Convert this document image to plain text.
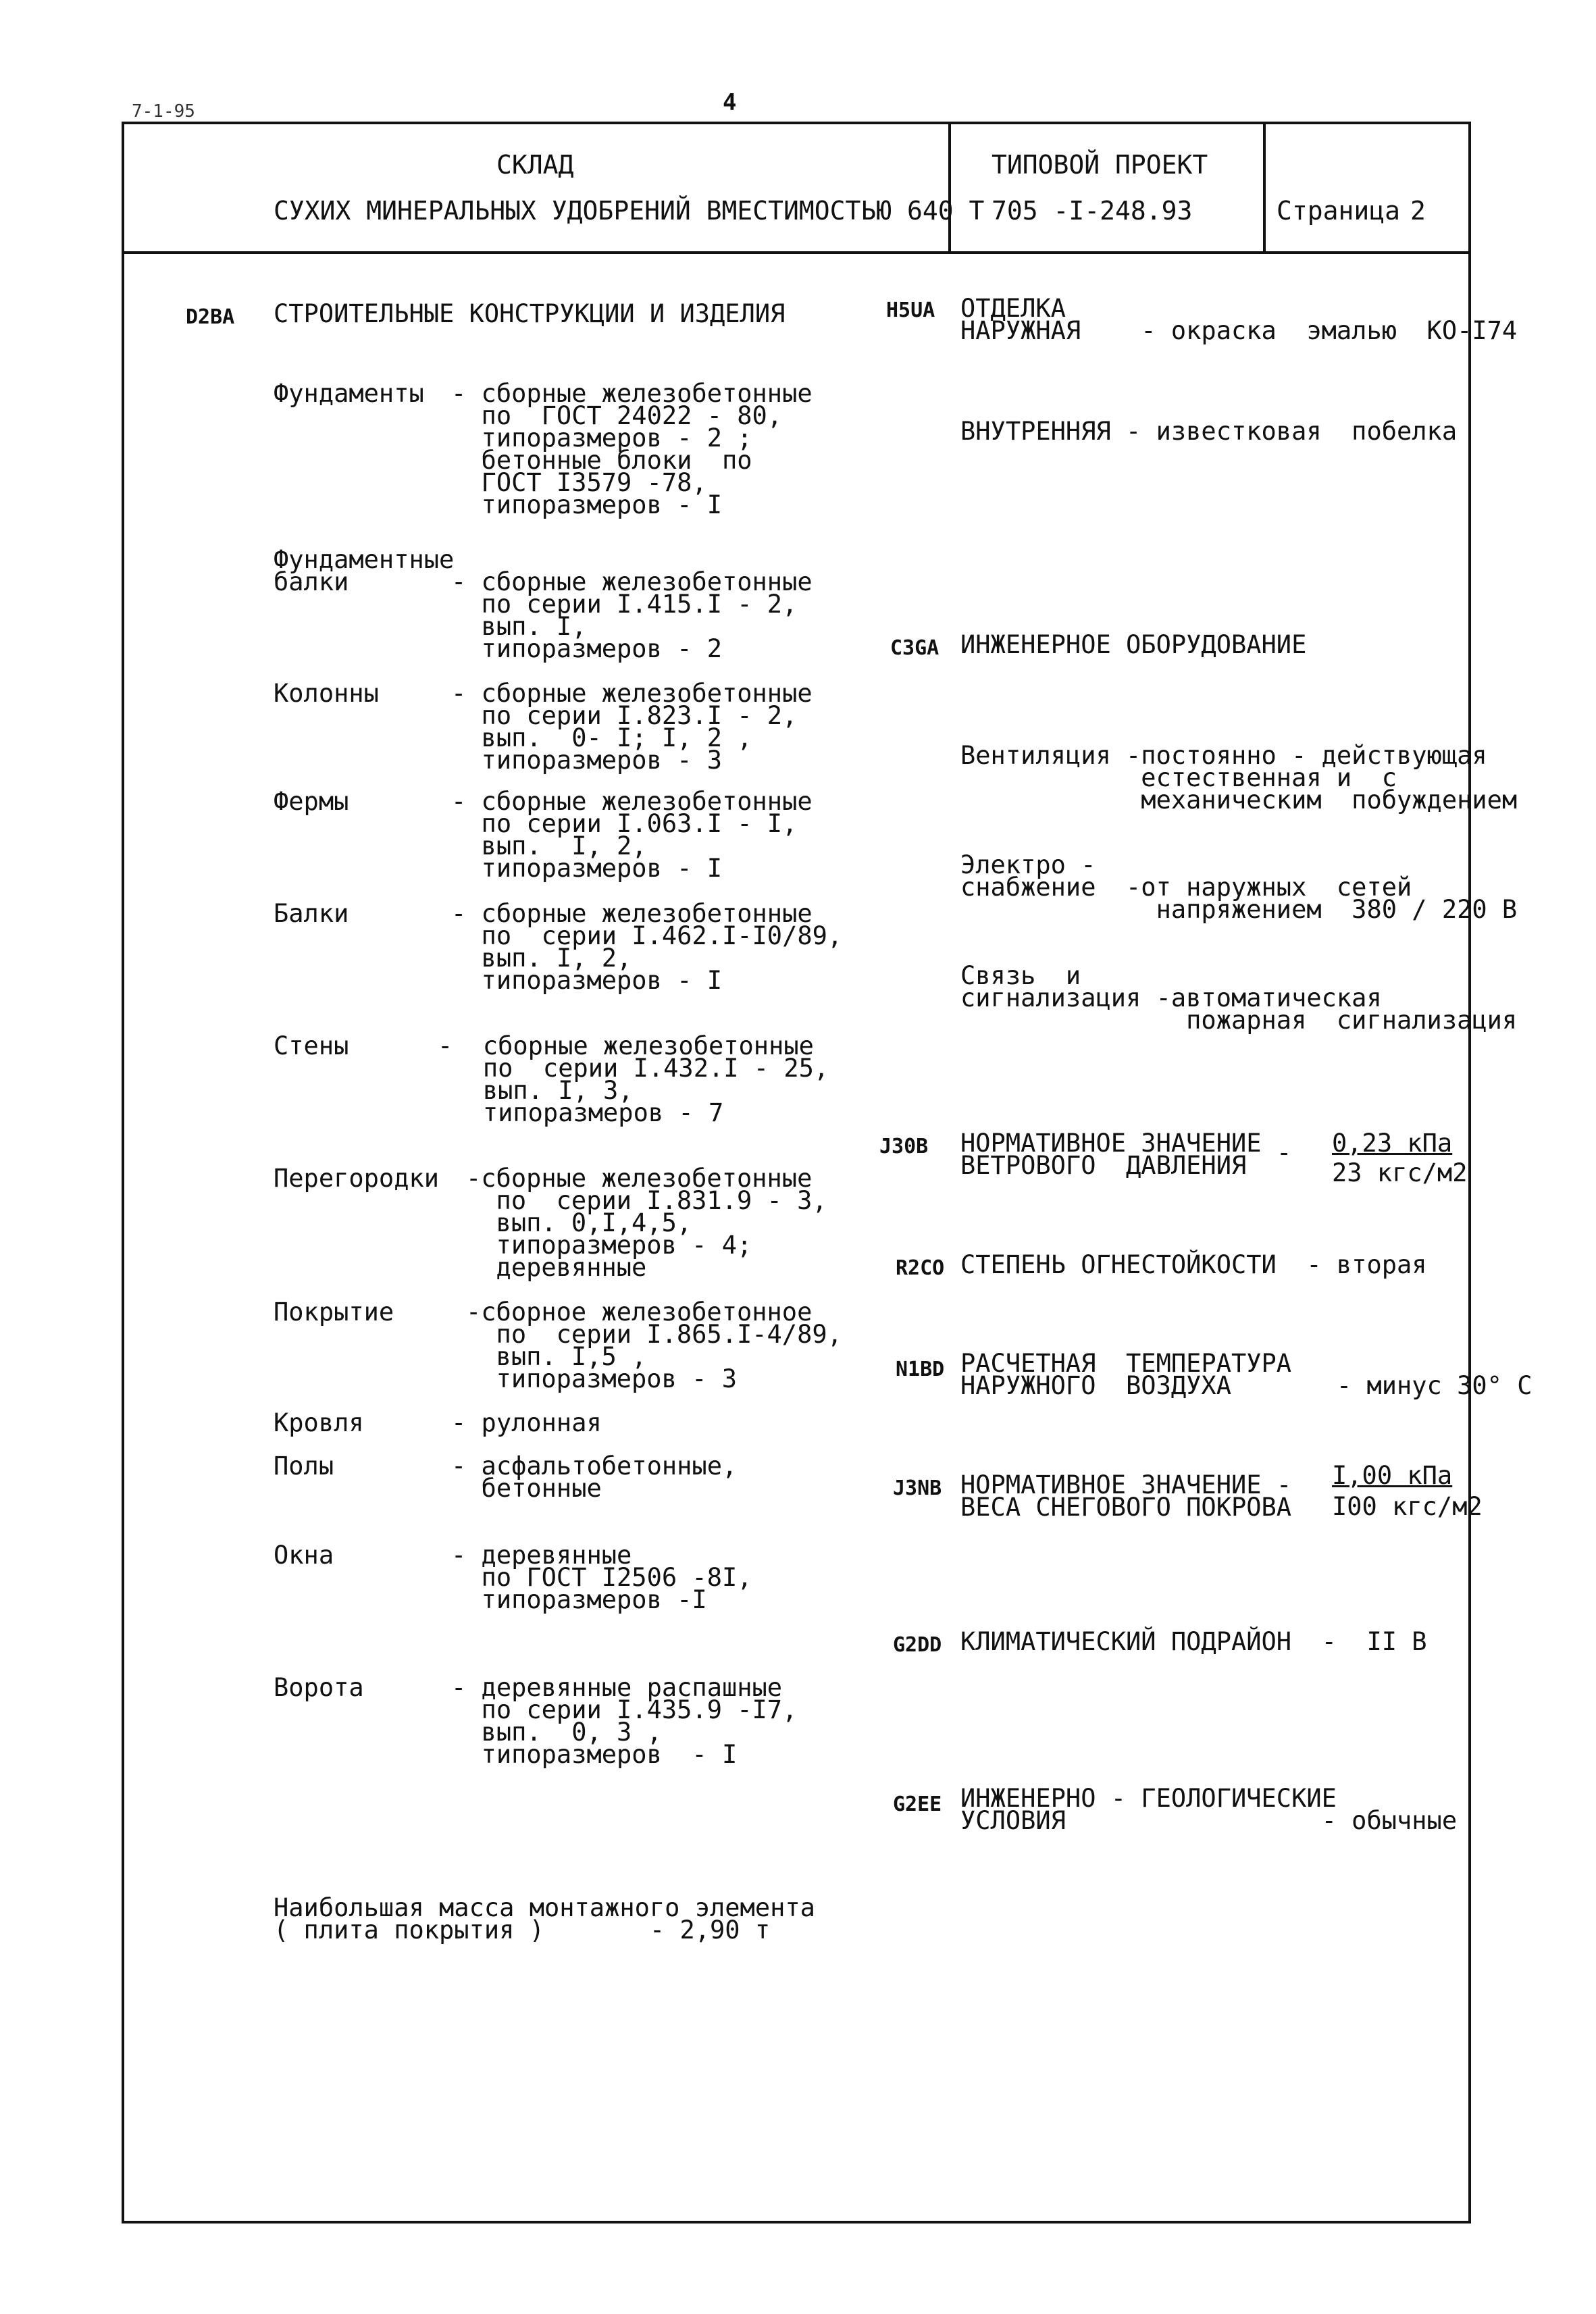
7-1-95	4
СКЛАД
СУХИХ МИНЕРАЛЬНЫХ УДОБРЕНИЙ ВМЕСТИМОСТЬЮ 640 Т
ТИПОВОЙ ПРОЕКТ
705 -I-248.93	Страница 2
D2BA СТРОИТЕЛЬНЫЕ КОНСТРУКЦИИ И ИЗДЕЛИЯ
Фундаменты - сборные железобетонные
по  ГОСТ 24022 - 80,
типоразмеров - 2 ;
бетонные блоки  по
ГОСТ I3579 -78,
типоразмеров - I
Фундаментные
балки	
- сборные железобетонные
по серии I.415.I - 2,
вып. I,
типоразмеров - 2
Колонны	- сборные железобетонные
по серии I.823.I - 2,
вып.  0- I; I, 2 ,
типоразмеров - 3
Фермы	- сборные железобетонные
по серии I.063.I - I,
вып.  I, 2,
типоразмеров - I
Балки	- сборные железобетонные
по  серии I.462.I-I0/89,
вып. I, 2,
типоразмеров - I
Стены	-  сборные железобетонные
по  серии I.432.I - 25,
вып. I, 3,
типоразмеров - 7
Перегородки -сборные железобетонные
по  серии I.831.9 - 3,
вып. 0,I,4,5,
типоразмеров - 4;
деревянные
Покрытие	-сборное железобетонное
по  серии I.865.I-4/89,
вып. I,5 ,
типоразмеров - 3
Кровля	- рулонная
Полы	- асфальтобетонные,
бетонные
Окна	- деревянные
по ГОСТ I2506 -8I,
типоразмеров -I
Ворота	- деревянные распашные
по серии I.435.9 -I7,
вып.  0, 3 ,
типоразмеров  - I
Наибольшая масса монтажного элемента
( плита покрытия )       - 2,90 т
H5UA ОТДЕЛКА
НАРУЖНАЯ    - окраска  эмалью  КО-I74
ВНУТРЕННЯЯ - известковая  побелка
C3GA ИНЖЕНЕРНОЕ ОБОРУДОВАНИЕ
Вентиляция -постоянно - действующая
естественная и  с
механическим  побуждением
Электро -
снабжение  -от наружных  сетей
напряжением  380 / 220 В
Связь  и
сигнализация -автоматическая
пожарная  сигнализация
J30B НОРМАТИВНОЕ ЗНАЧЕНИЕ
ВЕТРОВОГО  ДАВЛЕНИЯ	- 0,23 кПа
23 кгс/м2
R2CO СТЕПЕНЬ ОГНЕСТОЙКОСТИ  - вторая
N1BD РАСЧЕТНАЯ  ТЕМПЕРАТУРА
НАРУЖНОГО  ВОЗДУХА       - минус 30° С
J3NB НОРМАТИВНОЕ ЗНАЧЕНИЕ
ВЕСА СНЕГОВОГО ПОКРОВА
- I,00 кПа
I00 кгс/м2
G2DD КЛИМАТИЧЕСКИЙ ПОДРАЙОН  -  II В
G2EE ИНЖЕНЕРНО - ГЕОЛОГИЧЕСКИЕ
УСЛОВИЯ                 - обычные
